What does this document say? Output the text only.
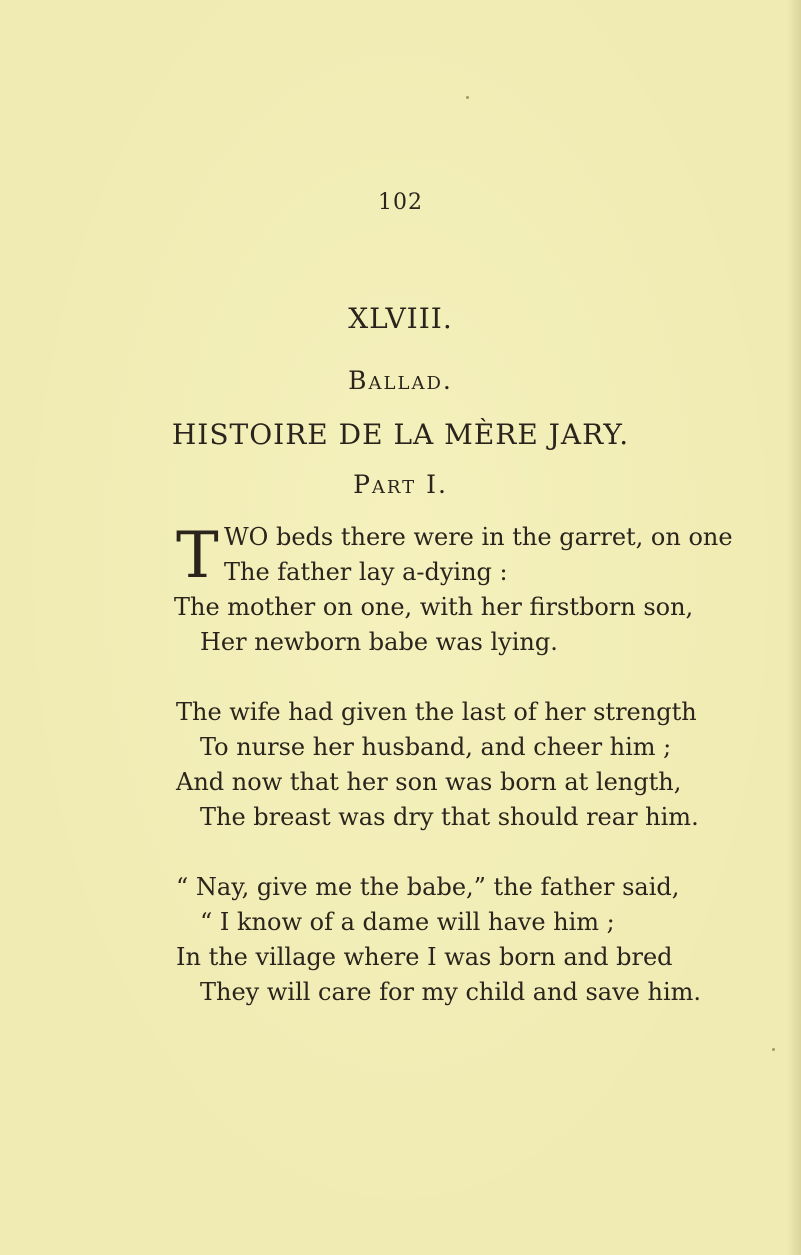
102
XLVIII.
Ballad.
HISTOIRE DE LA MÈRE JARY.
Part I.
T WO beds there were in the garret, on one
The father lay a-dying :
The mother on one, with her firstborn son,
Her newborn babe was lying.
The wife had given the last of her strength
To nurse her husband, and cheer him ;
And now that her son was born at length,
The breast was dry that should rear him.
“ Nay, give me the babe,” the father said,
“ I know of a dame will have him ;
In the village where I was born and bred
They will care for my child and save him.
